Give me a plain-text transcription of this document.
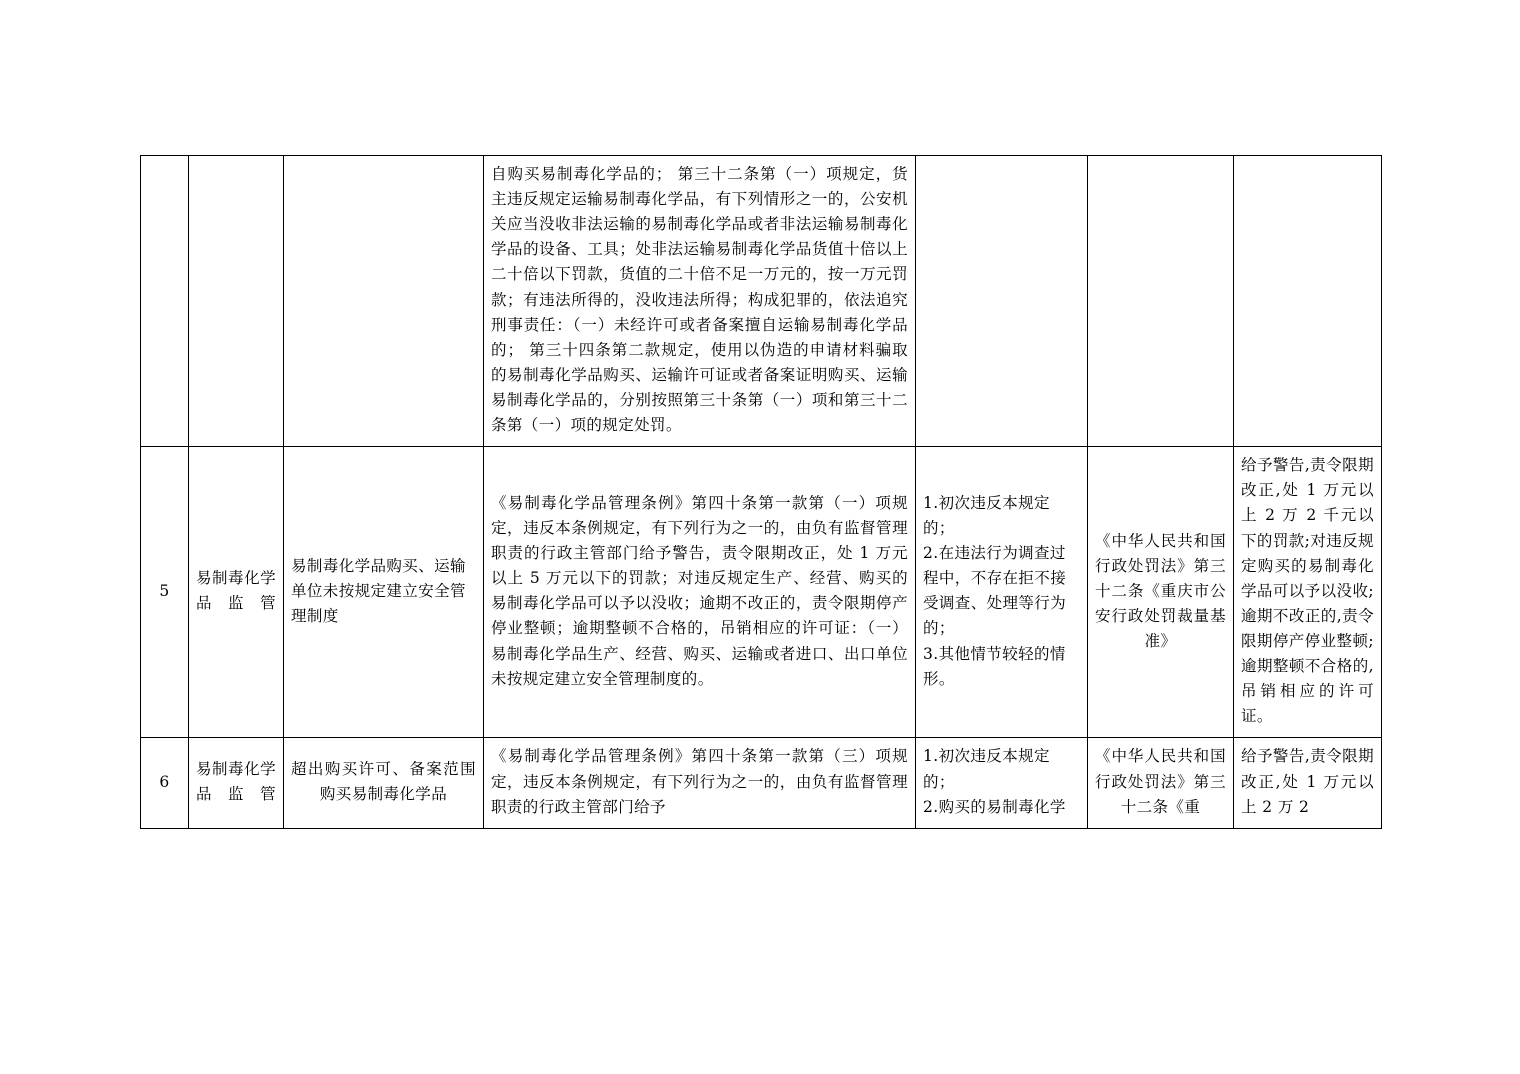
			自购买易制毒化学品的； 第三十二条第（一）项规定，货主违反规定运输易制毒化学品，有下列情形之一的，公安机关应当没收非法运输的易制毒化学品或者非法运输易制毒化学品的设备、工具；处非法运输易制毒化学品货值十倍以上二十倍以下罚款，货值的二十倍不足一万元的，按一万元罚款；有违法所得的，没收违法所得；构成犯罪的，依法追究刑事责任：（一）未经许可或者备案擅自运输易制毒化学品的； 第三十四条第二款规定，使用以伪造的申请材料骗取的易制毒化学品购买、运输许可证或者备案证明购买、运输易制毒化学品的，分别按照第三十条第（一）项和第三十二条第（一）项的规定处罚。			
5	易制毒化学品监管	易制毒化学品购买、运输单位未按规定建立安全管理制度	《易制毒化学品管理条例》第四十条第一款第（一）项规定，违反本条例规定，有下列行为之一的，由负有监督管理职责的行政主管部门给予警告，责令限期改正，处 1 万元以上 5 万元以下的罚款；对违反规定生产、经营、购买的易制毒化学品可以予以没收；逾期不改正的，责令限期停产停业整顿；逾期整顿不合格的，吊销相应的许可证：（一）易制毒化学品生产、经营、购买、运输或者进口、出口单位未按规定建立安全管理制度的。	1.初次违反本规定的；
2.在违法行为调查过程中，不存在拒不接受调查、处理等行为的；
3.其他情节较轻的情形。	《中华人民共和国行政处罚法》第三十二条《重庆市公安行政处罚裁量基准》	给予警告,责令限期改正,处 1 万元以上 2 万 2 千元以下的罚款;对违反规定购买的易制毒化学品可以予以没收;逾期不改正的,责令限期停产停业整顿;逾期整顿不合格的,吊销相应的许可证。
6	易制毒化学品监管	超出购买许可、备案范围购买易制毒化学品	《易制毒化学品管理条例》第四十条第一款第（三）项规定，违反本条例规定，有下列行为之一的，由负有监督管理职责的行政主管部门给予	1.初次违反本规定的；
2.购买的易制毒化学	《中华人民共和国行政处罚法》第三十二条《重	给予警告,责令限期改正,处 1 万元以上 2 万 2
